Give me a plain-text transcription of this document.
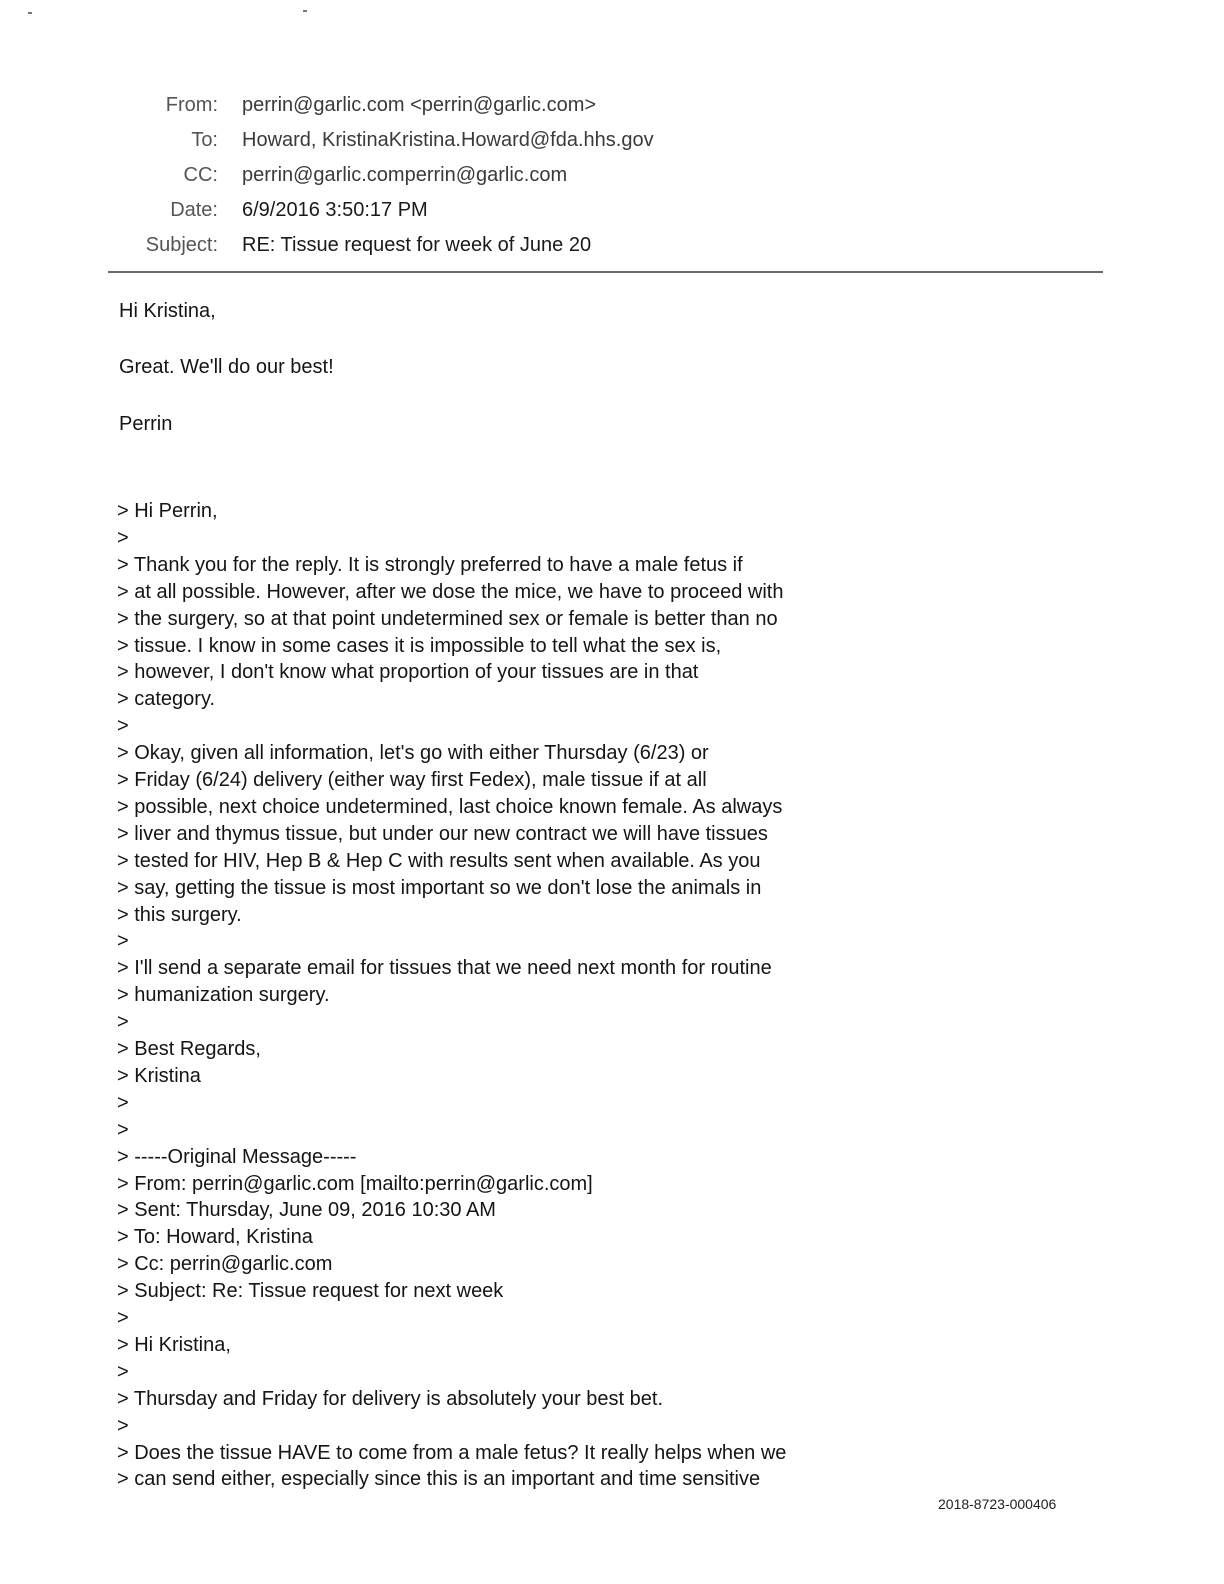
From: perrin@garlic.com <perrin@garlic.com>
To: Howard, KristinaKristina.Howard@fda.hhs.gov
CC: perrin@garlic.comperrin@garlic.com
Date: 6/9/2016 3:50:17 PM
Subject: RE: Tissue request for week of June 20
Hi Kristina,
Great. We'll do our best!
Perrin
> Hi Perrin,
>
> Thank you for the reply. It is strongly preferred to have a male fetus if
> at all possible. However, after we dose the mice, we have to proceed with
> the surgery, so at that point undetermined sex or female is better than no
> tissue. I know in some cases it is impossible to tell what the sex is,
> however, I don't know what proportion of your tissues are in that
> category.
>
> Okay, given all information, let's go with either Thursday (6/23) or
> Friday (6/24) delivery (either way first Fedex), male tissue if at all
> possible, next choice undetermined, last choice known female. As always
> liver and thymus tissue, but under our new contract we will have tissues
> tested for HIV, Hep B & Hep C with results sent when available. As you
> say, getting the tissue is most important so we don't lose the animals in
> this surgery.
>
> I'll send a separate email for tissues that we need next month for routine
> humanization surgery.
>
> Best Regards,
> Kristina
>
>
> -----Original Message-----
> From: perrin@garlic.com [mailto:perrin@garlic.com]
> Sent: Thursday, June 09, 2016 10:30 AM
> To: Howard, Kristina
> Cc: perrin@garlic.com
> Subject: Re: Tissue request for next week
>
> Hi Kristina,
>
> Thursday and Friday for delivery is absolutely your best bet.
>
> Does the tissue HAVE to come from a male fetus? It really helps when we
> can send either, especially since this is an important and time sensitive
2018-8723-000406
